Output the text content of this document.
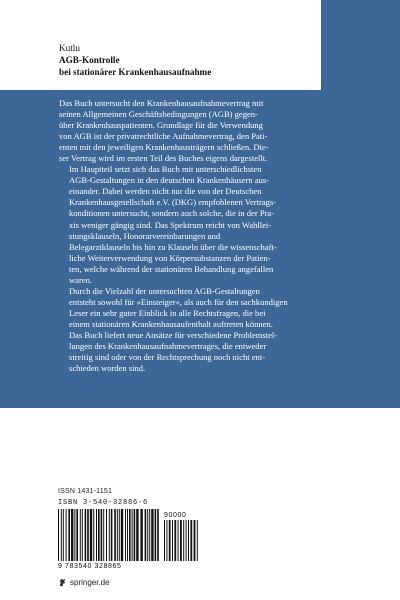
Kutlu
AGB-Kontrolle
bei stationärer Krankenhausaufnahme

Das Buch untersucht den Krankenhausaufnahmevertrag mit
seinen Allgemeinen Geschäftsbedingungen (AGB) gegen-
über Krankenhauspatienten. Grundlage für die Verwendung
von AGB ist der privatrechtliche Aufnahmevertrag, den Pati-
enten mit den jeweiligen Krankenhausträgern schließen. Die-
ser Vertrag wird im ersten Teil des Buches eigens dargestellt.

Im Hauptteil setzt sich das Buch mit unterschiedlichsten
AGB-Gestaltungen in den deutschen Krankenhäusern aus-
einander. Dabei werden nicht nur die von der Deutschen
Krankenhausgesellschaft e.V. (DKG) empfohlenen Vertrags-
konditionen untersucht, sondern auch solche, die in der Pra-
xis weniger gängig sind. Das Spektrum reicht von Wahllei-
stungsklauseln, Honorarvereinbarungen und
Belegarztklauseln bis hin zu Klauseln über die wissenschaft-
liche Weiterverwendung von Körpersubstanzen der Patien-
ten, welche während der stationären Behandlung angefallen
waren.

Durch die Vielzahl der untersuchten AGB-Gestaltungen
entsteht sowohl für »Einsteiger«, als auch für den sachkundigen
Leser ein sehr guter Einblick in alle Rechtsfragen, die bei
einem stationären Krankenhausaufenthalt auftreten können.
Das Buch liefert neue Ansätze für verschiedene Problemstel-
lungen des Krankenhausaufnahmevertrages, die entweder
streitig sind oder von der Rechtsprechung noch nicht ent-
schieden worden sind.

ISSN 1431-1151
ISBN 3-540-32886-6
90000
9 783540 328865
springer.de
